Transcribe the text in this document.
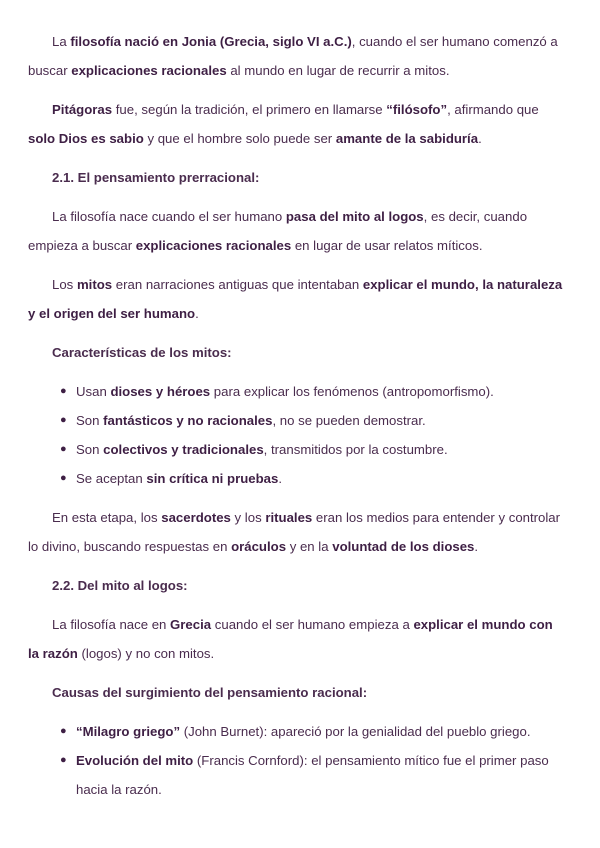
La filosofía nació en Jonia (Grecia, siglo VI a.C.), cuando el ser humano comenzó a buscar explicaciones racionales al mundo en lugar de recurrir a mitos.

Pitágoras fue, según la tradición, el primero en llamarse “filósofo”, afirmando que solo Dios es sabio y que el hombre solo puede ser amante de la sabiduría.

2.1. El pensamiento prerracional:

La filosofía nace cuando el ser humano pasa del mito al logos, es decir, cuando empieza a buscar explicaciones racionales en lugar de usar relatos míticos.

Los mitos eran narraciones antiguas que intentaban explicar el mundo, la naturaleza y el origen del ser humano.

Características de los mitos:
● Usan dioses y héroes para explicar los fenómenos (antropomorfismo).
● Son fantásticos y no racionales, no se pueden demostrar.
● Son colectivos y tradicionales, transmitidos por la costumbre.
● Se aceptan sin crítica ni pruebas.

En esta etapa, los sacerdotes y los rituales eran los medios para entender y controlar lo divino, buscando respuestas en oráculos y en la voluntad de los dioses.

2.2. Del mito al logos:

La filosofía nace en Grecia cuando el ser humano empieza a explicar el mundo con la razón (logos) y no con mitos.

Causas del surgimiento del pensamiento racional:
● “Milagro griego” (John Burnet): apareció por la genialidad del pueblo griego.
● Evolución del mito (Francis Cornford): el pensamiento mítico fue el primer paso hacia la razón.
